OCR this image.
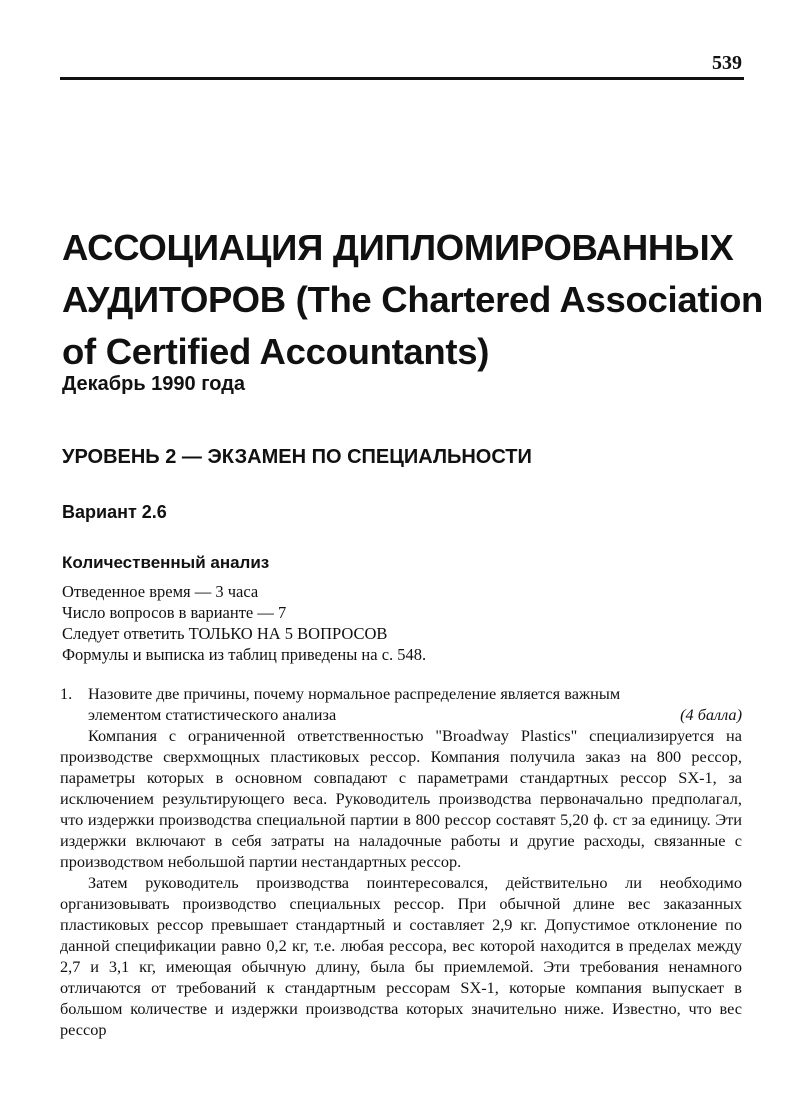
539
АССОЦИАЦИЯ ДИПЛОМИРОВАННЫХ
АУДИТОРОВ (The Chartered Association
of Certified Accountants)
Декабрь 1990 года
УРОВЕНЬ 2 — ЭКЗАМЕН ПО СПЕЦИАЛЬНОСТИ
Вариант 2.6
Количественный анализ
Отведенное время — 3 часа
Число вопросов в варианте — 7
Следует ответить ТОЛЬКО НА 5 ВОПРОСОВ
Формулы и выписка из таблиц приведены на с. 548.
1. Назовите две причины, почему нормальное распределение является важным
элементом статистического анализа	(4 балла)

Компания с ограниченной ответственностью "Broadway Plastics" специализируется на производстве сверхмощных пластиковых рессор. Компания получила заказ на 800 рессор, параметры которых в основном совпадают с параметрами стандартных рессор SX-1, за исключением результирующего веса. Руководитель производства первоначально предполагал, что издержки производства специальной партии в 800 рессор составят 5,20 ф. ст за единицу. Эти издержки включают в себя затраты на наладочные работы и другие расходы, связанные с производством небольшой партии нестандартных рессор.

Затем руководитель производства поинтересовался, действительно ли необходимо организовывать производство специальных рессор. При обычной длине вес заказанных пластиковых рессор превышает стандартный и составляет 2,9 кг. Допустимое отклонение по данной спецификации равно 0,2 кг, т.е. любая рессора, вес которой находится в пределах между 2,7 и 3,1 кг, имеющая обычную длину, была бы приемлемой. Эти требования ненамного отличаются от требований к стандартным рессорам SX-1, которые компания выпускает в большом количестве и издержки производства которых значительно ниже. Известно, что вес рессор
